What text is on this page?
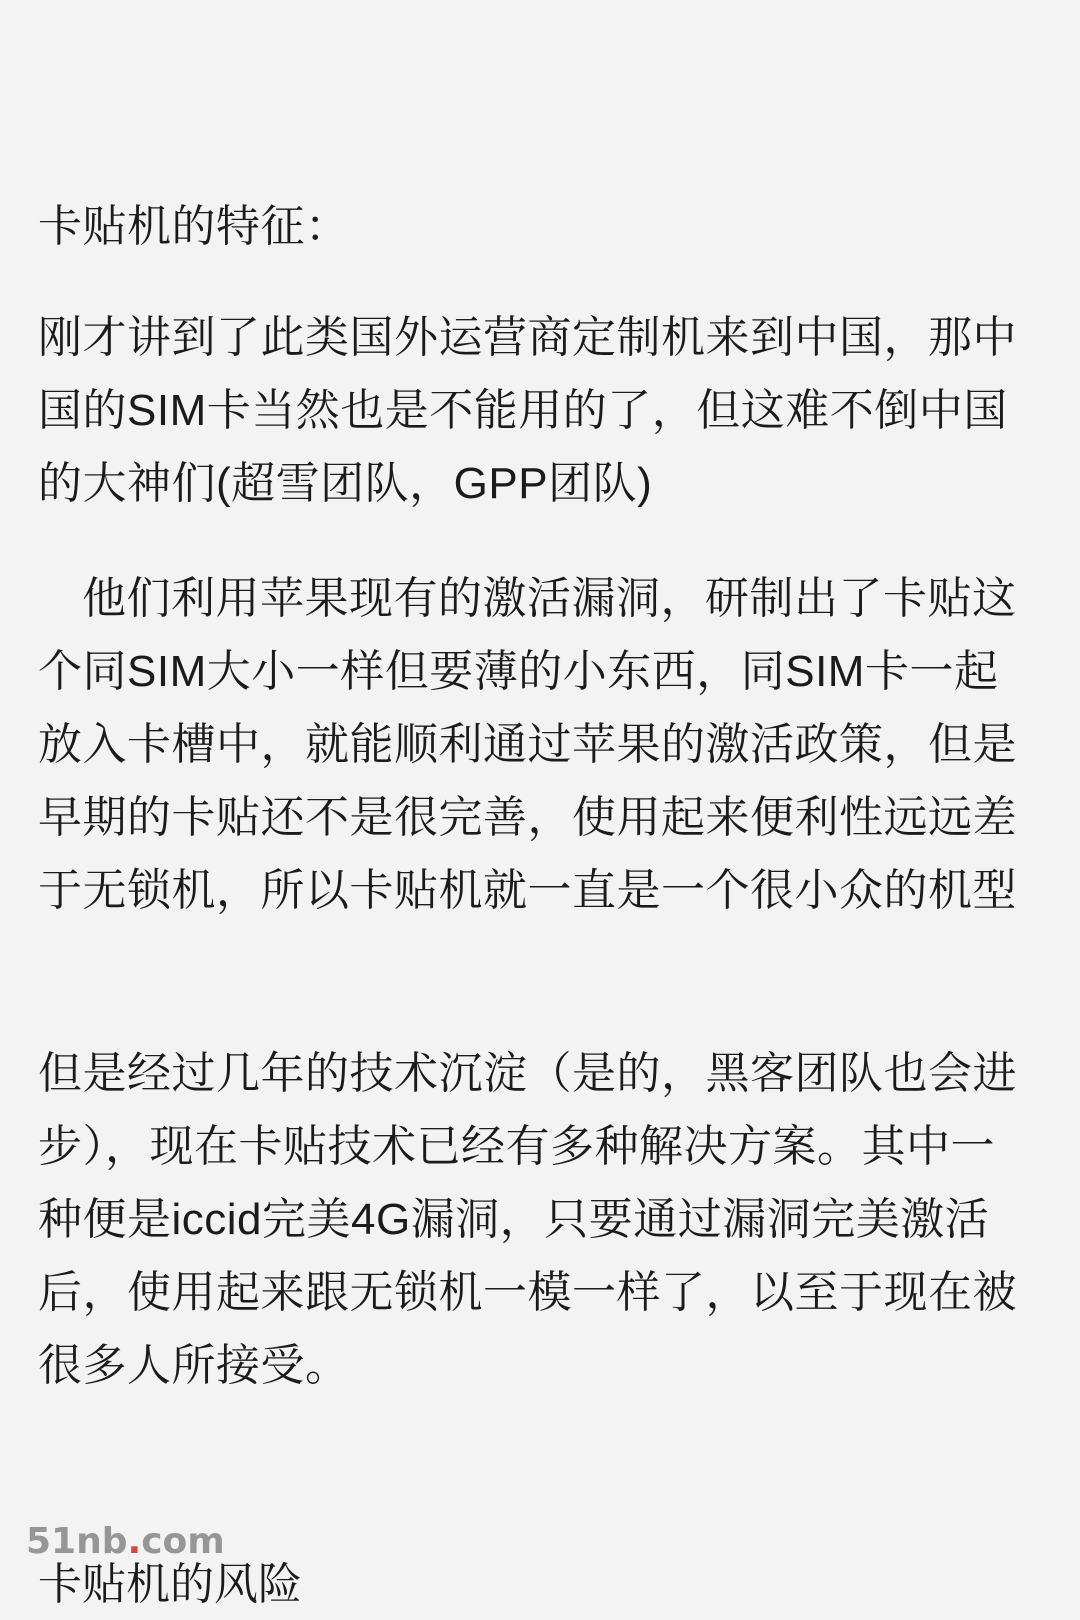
卡贴机的特征：

刚才讲到了此类国外运营商定制机来到中国，那中国的SIM卡当然也是不能用的了，但这难不倒中国的大神们(超雪团队，GPP团队)

他们利用苹果现有的激活漏洞，研制出了卡贴这个同SIM大小一样但要薄的小东西，同SIM卡一起放入卡槽中，就能顺利通过苹果的激活政策，但是早期的卡贴还不是很完善，使用起来便利性远远差于无锁机，所以卡贴机就一直是一个很小众的机型

但是经过几年的技术沉淀（是的，黑客团队也会进步），现在卡贴技术已经有多种解决方案。其中一种便是iccid完美4G漏洞，只要通过漏洞完美激活后，使用起来跟无锁机一模一样了，以至于现在被很多人所接受。

卡贴机的风险
51nb.com
